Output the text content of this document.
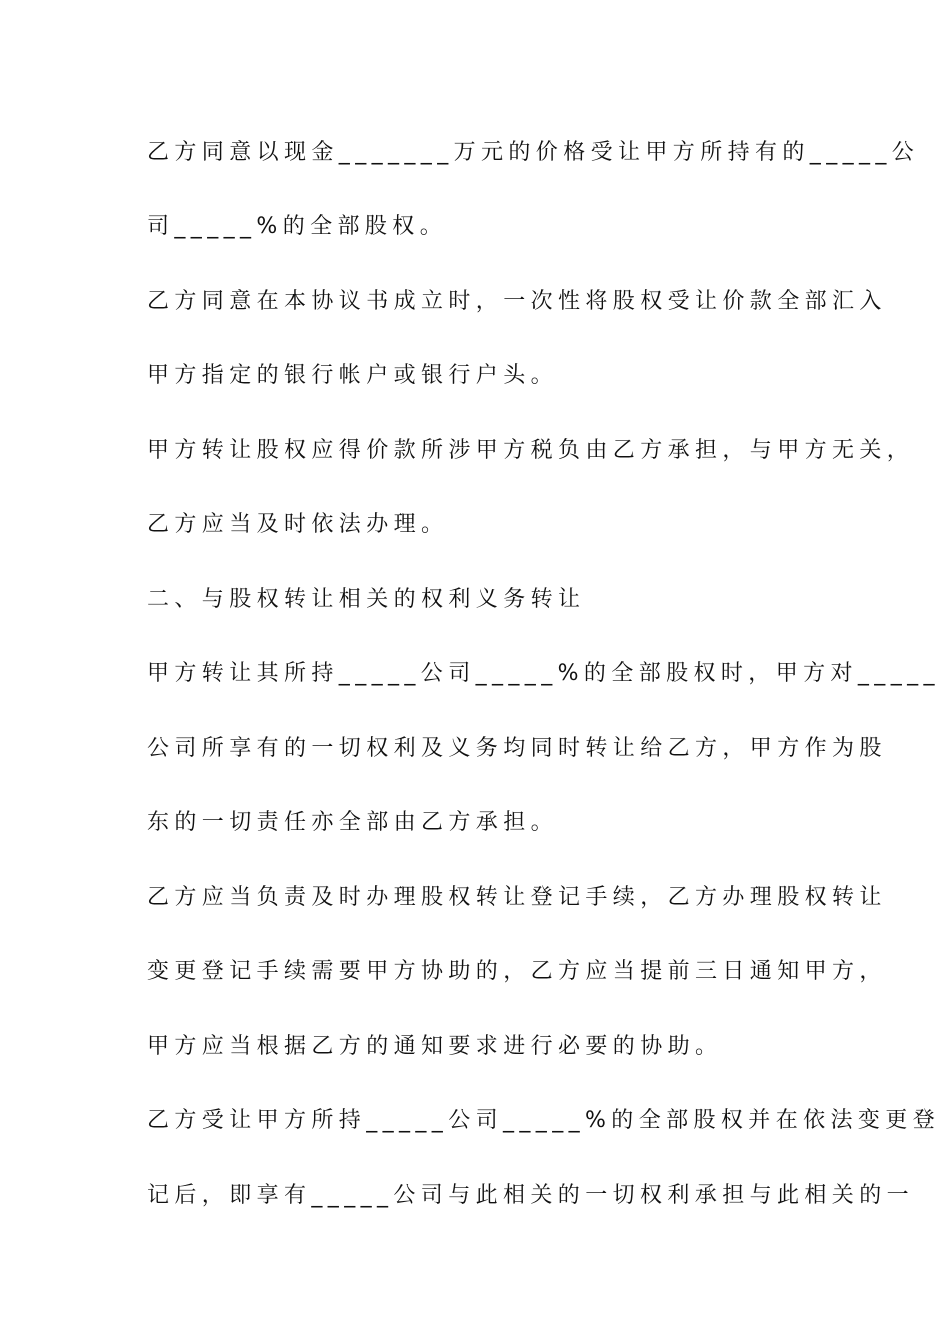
乙方同意以现金_______万元的价格受让甲方所持有的_____公
司_____%的全部股权。
乙方同意在本协议书成立时，一次性将股权受让价款全部汇入
甲方指定的银行帐户或银行户头。
甲方转让股权应得价款所涉甲方税负由乙方承担，与甲方无关，
乙方应当及时依法办理。
二、与股权转让相关的权利义务转让
甲方转让其所持_____公司_____%的全部股权时，甲方对_____
公司所享有的一切权利及义务均同时转让给乙方，甲方作为股
东的一切责任亦全部由乙方承担。
乙方应当负责及时办理股权转让登记手续，乙方办理股权转让
变更登记手续需要甲方协助的，乙方应当提前三日通知甲方，
甲方应当根据乙方的通知要求进行必要的协助。
乙方受让甲方所持_____公司_____%的全部股权并在依法变更登
记后，即享有_____公司与此相关的一切权利承担与此相关的一
